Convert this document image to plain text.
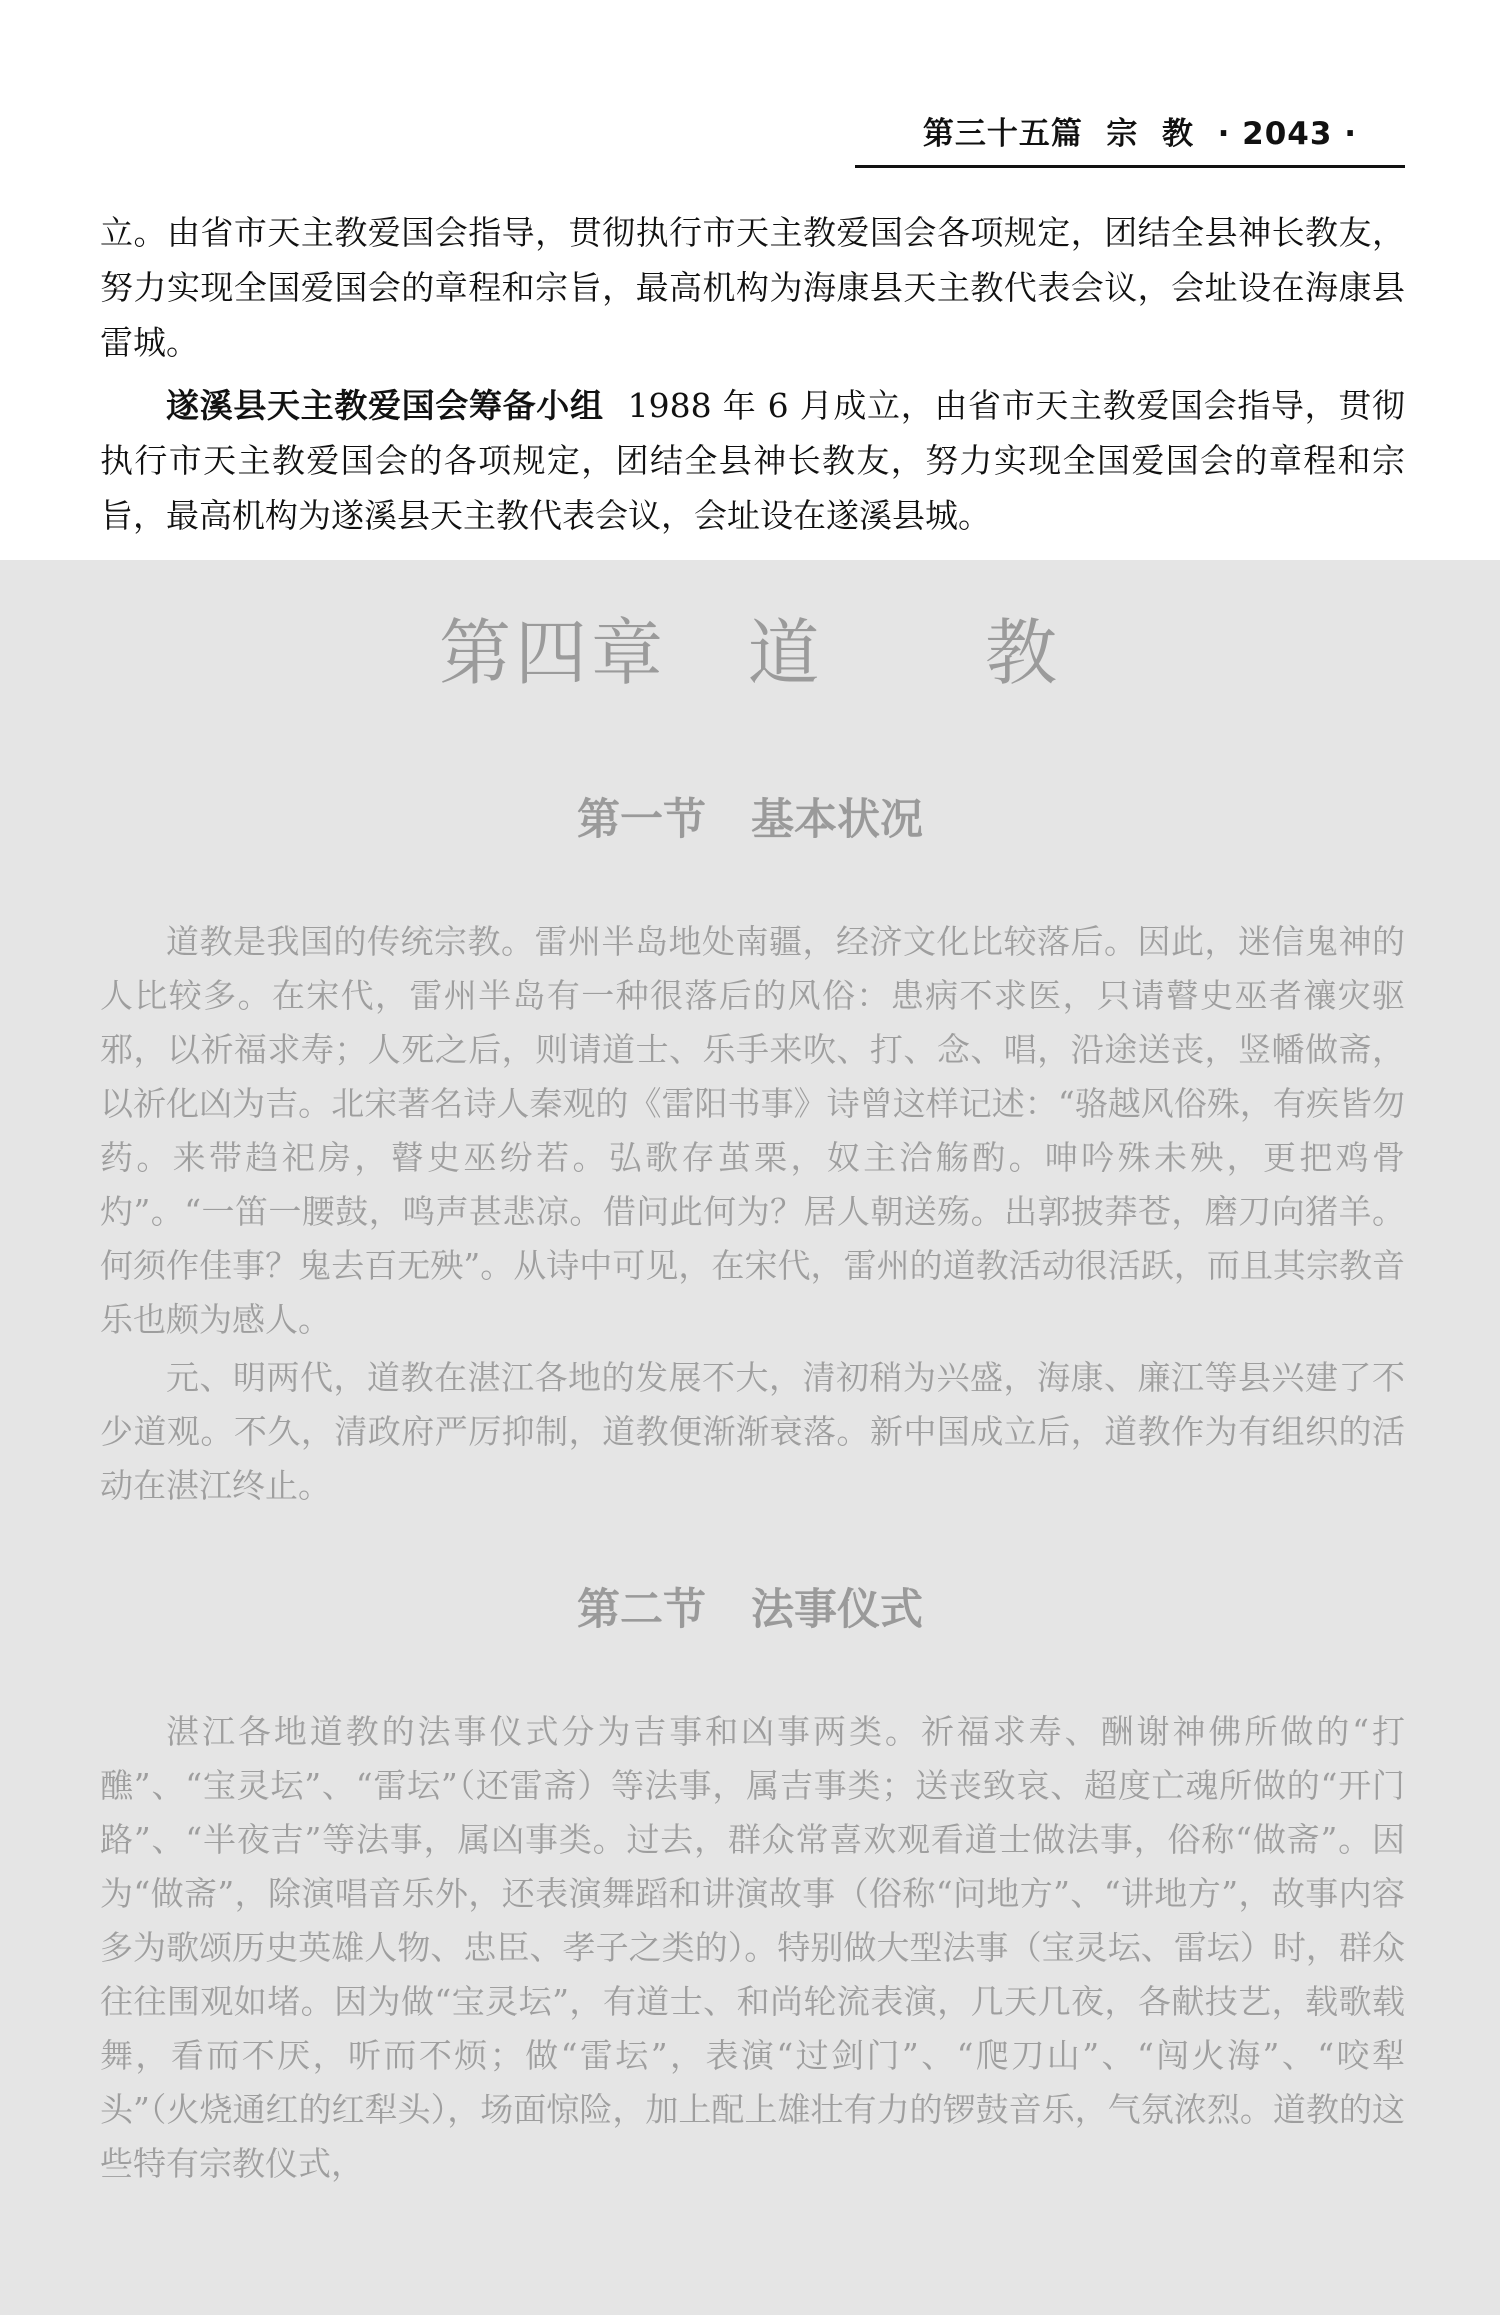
第三十五篇  宗  教  · 2043 ·

立。由省市天主教爱国会指导，贯彻执行市天主教爱国会各项规定，团结全县神长教友，努力实现全国爱国会的章程和宗旨，最高机构为海康县天主教代表会议，会址设在海康县雷城。

遂溪县天主教爱国会筹备小组 1988 年 6 月成立，由省市天主教爱国会指导，贯彻执行市天主教爱国会的各项规定，团结全县神长教友，努力实现全国爱国会的章程和宗旨，最高机构为遂溪县天主教代表会议，会址设在遂溪县城。

第四章   道      教
第一节   基本状况

道教是我国的传统宗教。雷州半岛地处南疆，经济文化比较落后。因此，迷信鬼神的人比较多。在宋代，雷州半岛有一种很落后的风俗：患病不求医，只请瞽史巫者禳灾驱邪，以祈福求寿；人死之后，则请道士、乐手来吹、打、念、唱，沿途送丧，竖幡做斋，以祈化凶为吉。北宋著名诗人秦观的《雷阳书事》诗曾这样记述：“骆越风俗殊，有疾皆勿药。来带趋祀房，瞽史巫纷若。弘歌存茧栗，奴主洽觞酌。呻吟殊未殃，更把鸡骨灼”。“一笛一腰鼓，鸣声甚悲凉。借问此何为？居人朝送殇。出郭披莽苍，磨刀向猪羊。何须作佳事？鬼去百无殃”。从诗中可见，在宋代，雷州的道教活动很活跃，而且其宗教音乐也颇为感人。

元、明两代，道教在湛江各地的发展不大，清初稍为兴盛，海康、廉江等县兴建了不少道观。不久，清政府严厉抑制，道教便渐渐衰落。新中国成立后，道教作为有组织的活动在湛江终止。

第二节   法事仪式

湛江各地道教的法事仪式分为吉事和凶事两类。祈福求寿、酬谢神佛所做的“打醮”、“宝灵坛”、“雷坛”（还雷斋）等法事，属吉事类；送丧致哀、超度亡魂所做的“开门路”、“半夜吉”等法事，属凶事类。过去，群众常喜欢观看道士做法事，俗称“做斋”。因为“做斋”，除演唱音乐外，还表演舞蹈和讲演故事（俗称“问地方”、“讲地方”，故事内容多为歌颂历史英雄人物、忠臣、孝子之类的）。特别做大型法事（宝灵坛、雷坛）时，群众往往围观如堵。因为做“宝灵坛”，有道士、和尚轮流表演，几天几夜，各献技艺，载歌载舞，看而不厌，听而不烦；做“雷坛”，表演“过剑门”、“爬刀山”、“闯火海”、“咬犁头”（火烧通红的红犁头），场面惊险，加上配上雄壮有力的锣鼓音乐，气氛浓烈。道教的这些特有宗教仪式，
